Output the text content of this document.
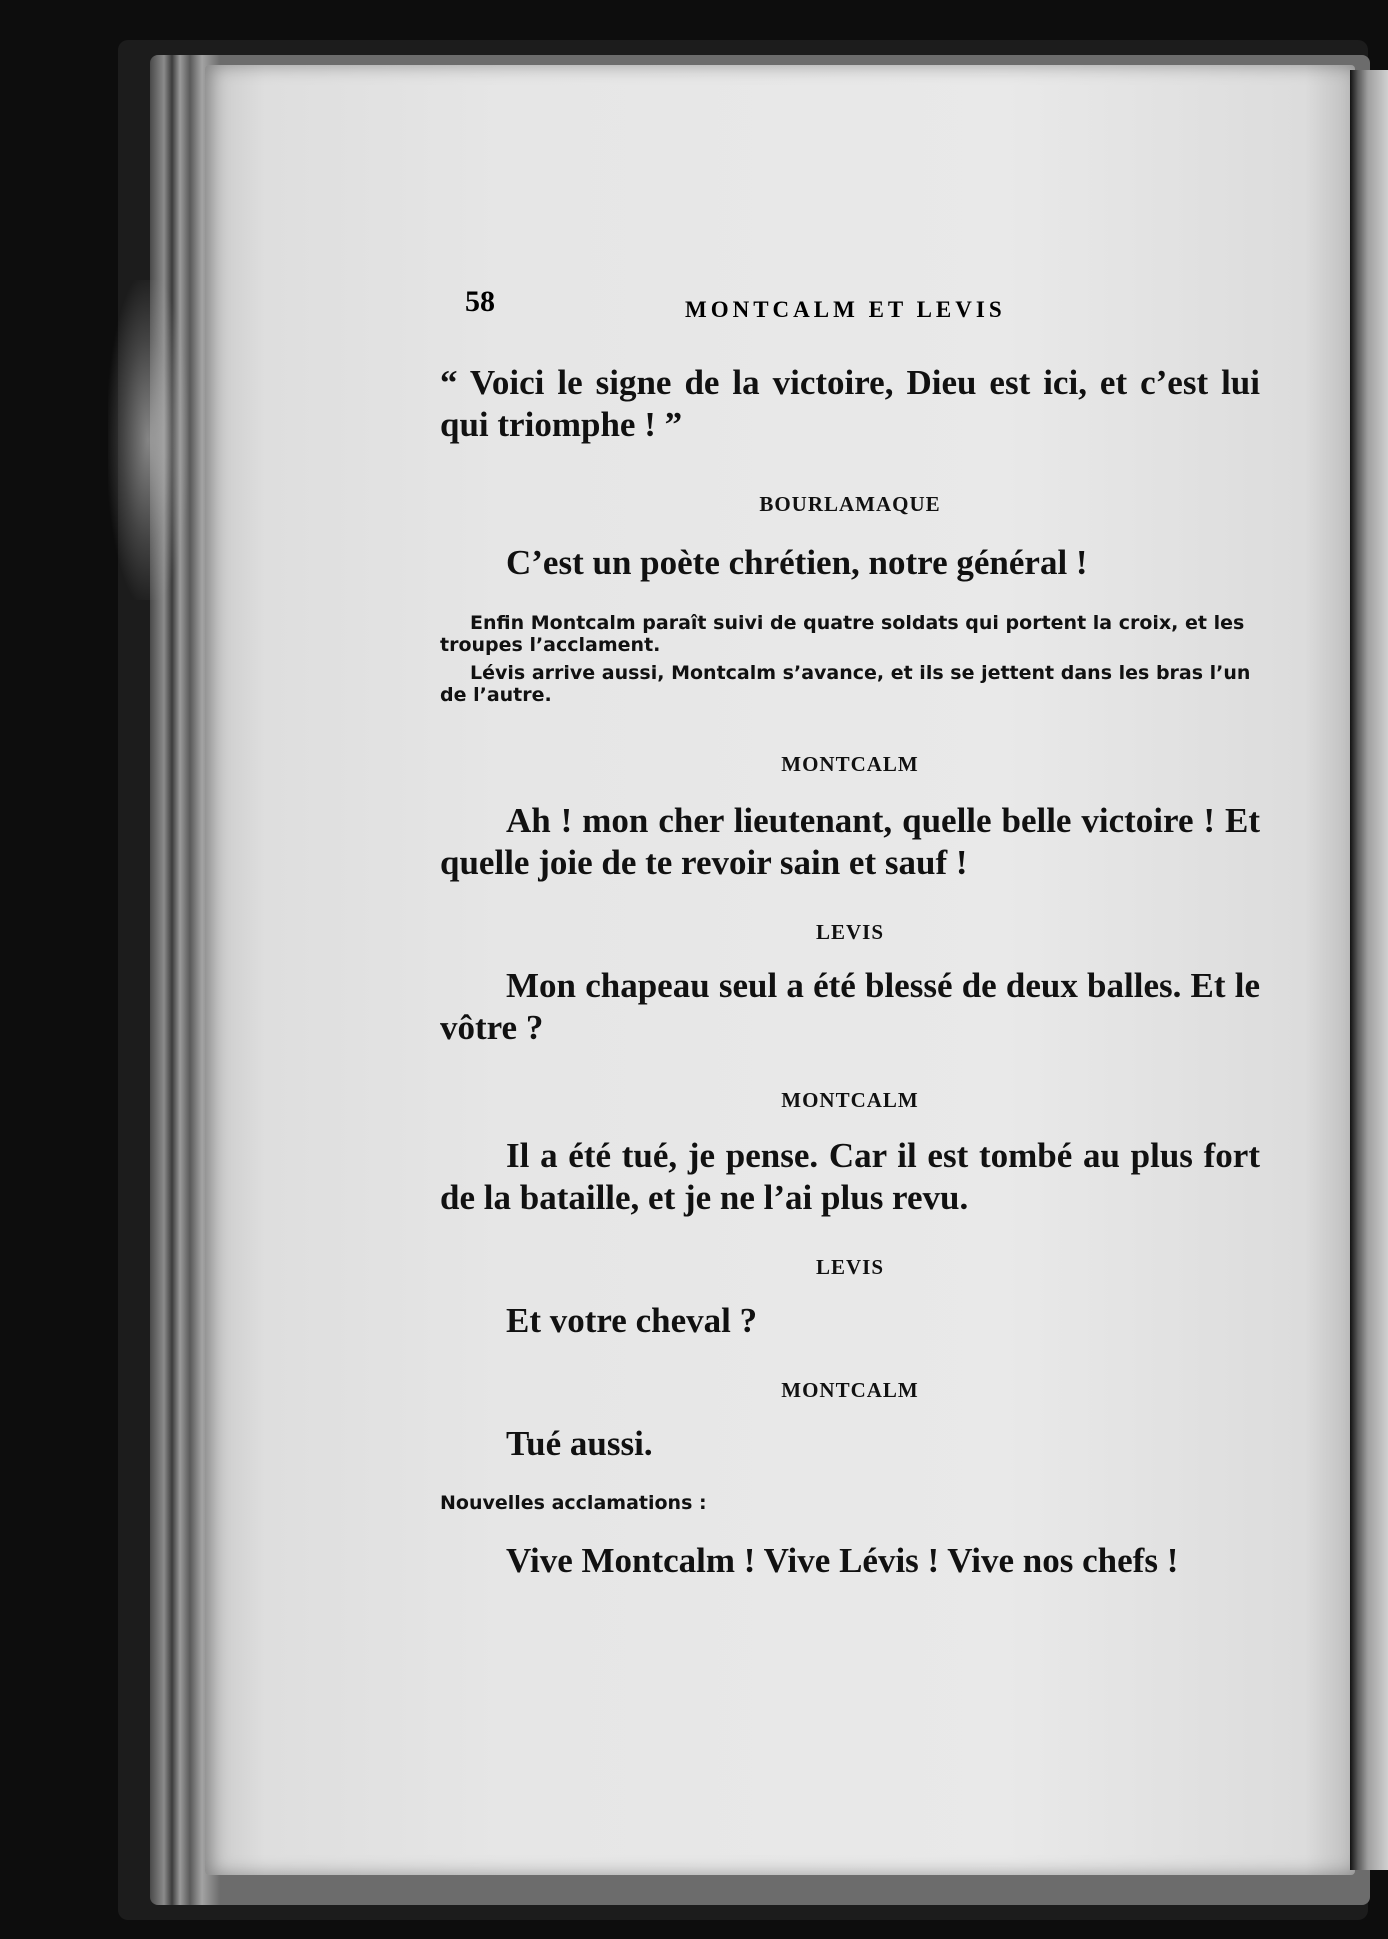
58	MONTCALM ET LEVIS
“ Voici le signe de la victoire, Dieu est ici, et c’est lui qui triomphe ! ”
BOURLAMAQUE
C’est un poète chrétien, notre général !
Enfin Montcalm paraît suivi de quatre soldats qui portent la croix, et les troupes l’acclament.
Lévis arrive aussi, Montcalm s’avance, et ils se jettent dans les bras l’un de l’autre.
MONTCALM
Ah ! mon cher lieutenant, quelle belle victoire ! Et quelle joie de te revoir sain et sauf !
LEVIS
Mon chapeau seul a été blessé de deux balles. Et le vôtre ?
MONTCALM
Il a été tué, je pense. Car il est tombé au plus fort de la bataille, et je ne l’ai plus revu.
LEVIS
Et votre cheval ?
MONTCALM
Tué aussi.
Nouvelles acclamations :
Vive Montcalm ! Vive Lévis ! Vive nos chefs !
